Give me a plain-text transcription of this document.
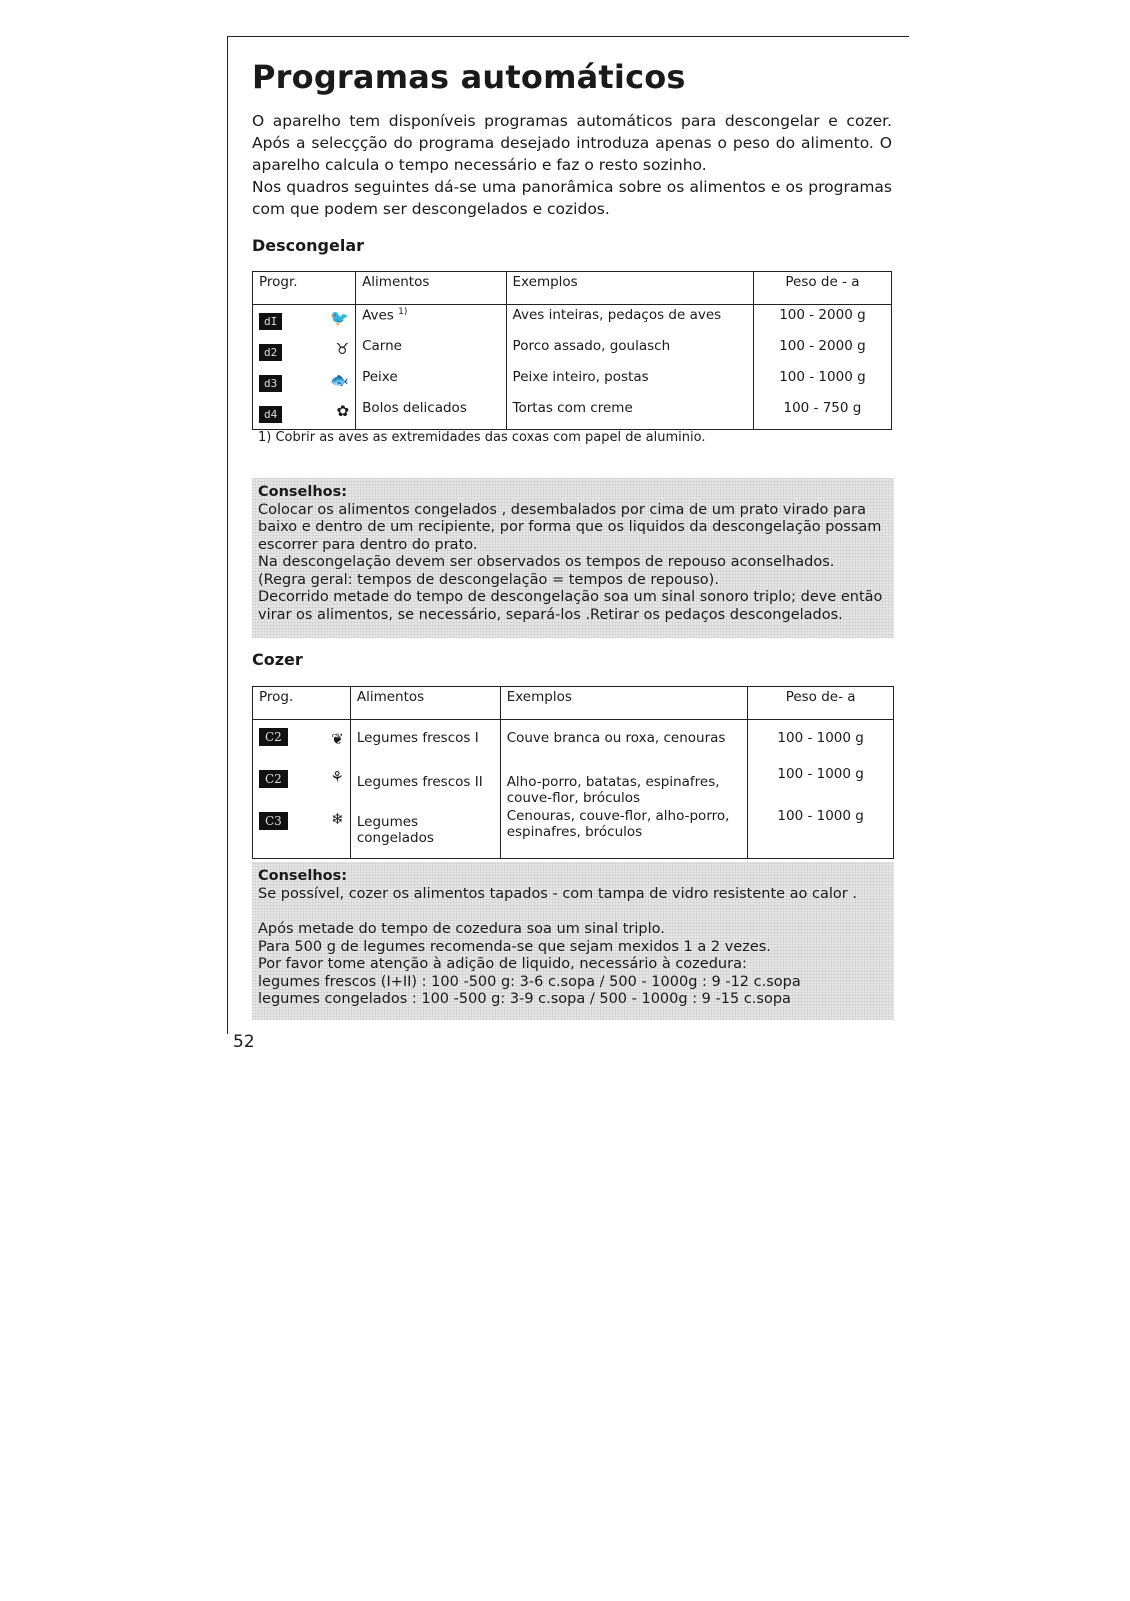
Programas automáticos

O aparelho tem disponíveis programas automáticos para descongelar e cozer. Após a selecçção do programa desejado introduza apenas o peso do alimento. O aparelho calcula o tempo necessário e faz o resto sozinho.

Nos quadros seguintes dá-se uma panorâmica sobre os alimentos e os programas com que podem ser descongelados e cozidos.

Descongelar
Progr.	Alimentos	Exemplos	Peso de - a
dI 🐦	Aves $^{1)}$	Aves inteiras, pedaços de aves	100 - 2000 g
d2 ♉	Carne	Porco assado, goulasch	100 - 2000 g
d3 🐟	Peixe	Peixe inteiro, postas	100 - 1000 g
d4 ✿	Bolos delicados	Tortas com creme	100 - 750 g
1) Cobrir as aves as extremidades das coxas com papel de aluminio.

Conselhos:

Colocar os alimentos congelados , desembalados por cima de um prato virado para baixo e dentro de um recipiente, por forma que os liquidos da descongelação possam escorrer para dentro do prato.

Na descongelação devem ser observados os tempos de repouso aconselhados.

(Regra geral: tempos de descongelação = tempos de repouso).

Decorrido metade do tempo de descongelação soa um sinal sonoro triplo; deve então virar os alimentos, se necessário, separá-los .Retirar os pedaços descongelados.

Cozer
Prog.	Alimentos	Exemplos	Peso de- a
C2 ❦	Legumes frescos I	Couve branca ou roxa, cenouras	100 - 1000 g
C2 ⚘	Legumes frescos II	Alho-porro, batatas, espinafres, couve-flor, bróculos	100 - 1000 g
C3 ❄	Legumes congelados	Cenouras, couve-flor, alho-porro, espinafres, bróculos	100 - 1000 g

Conselhos:

Se possível, cozer os alimentos tapados - com tampa de vidro resistente ao calor .

Após metade do tempo de cozedura soa um sinal triplo.

Para 500 g de legumes recomenda-se que sejam mexidos 1 a 2 vezes.

Por favor tome atenção à adição de liquido, necessário à cozedura:

legumes frescos (I+II) : 100 -500 g: 3-6 c.sopa / 500 - 1000g : 9 -12 c.sopa

legumes congelados : 100 -500 g: 3-9 c.sopa / 500 - 1000g : 9 -15 c.sopa

52
